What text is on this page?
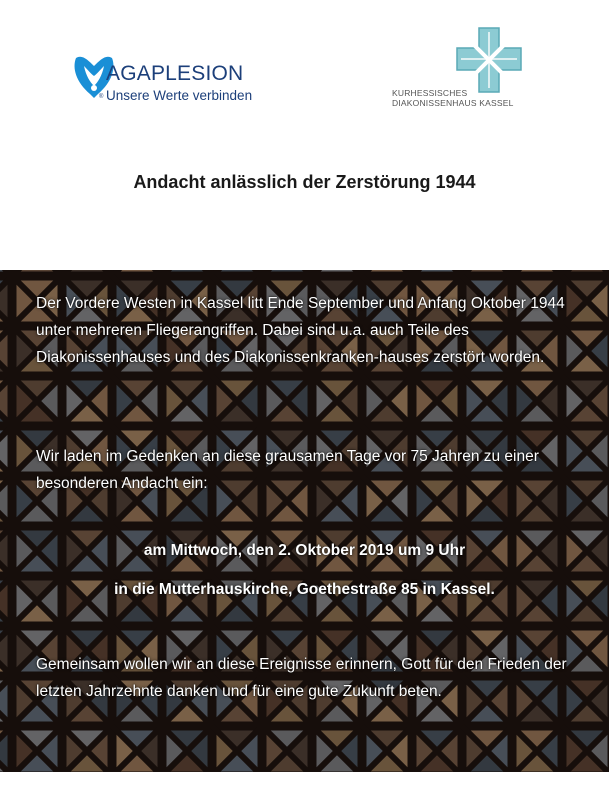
AGAPLESION
® Unsere Werte verbinden	KURHESSISCHES
DIAKONISSENHAUS KASSEL
Andacht anlässlich der Zerstörung 1944

Der Vordere Westen in Kassel litt Ende September und Anfang Oktober 1944 unter mehreren Fliegerangriffen. Dabei sind u.a. auch Teile des Diakonissenhauses und des Diakonissenkranken-hauses zerstört worden.

Wir laden im Gedenken an diese grausamen Tage vor 75 Jahren zu einer besonderen Andacht ein:

am Mittwoch, den 2. Oktober 2019 um 9 Uhr
in die Mutterhauskirche, Goethestraße 85 in Kassel.

Gemeinsam wollen wir an diese Ereignisse erinnern, Gott für den Frieden der letzten Jahrzehnte danken und für eine gute Zukunft beten.
